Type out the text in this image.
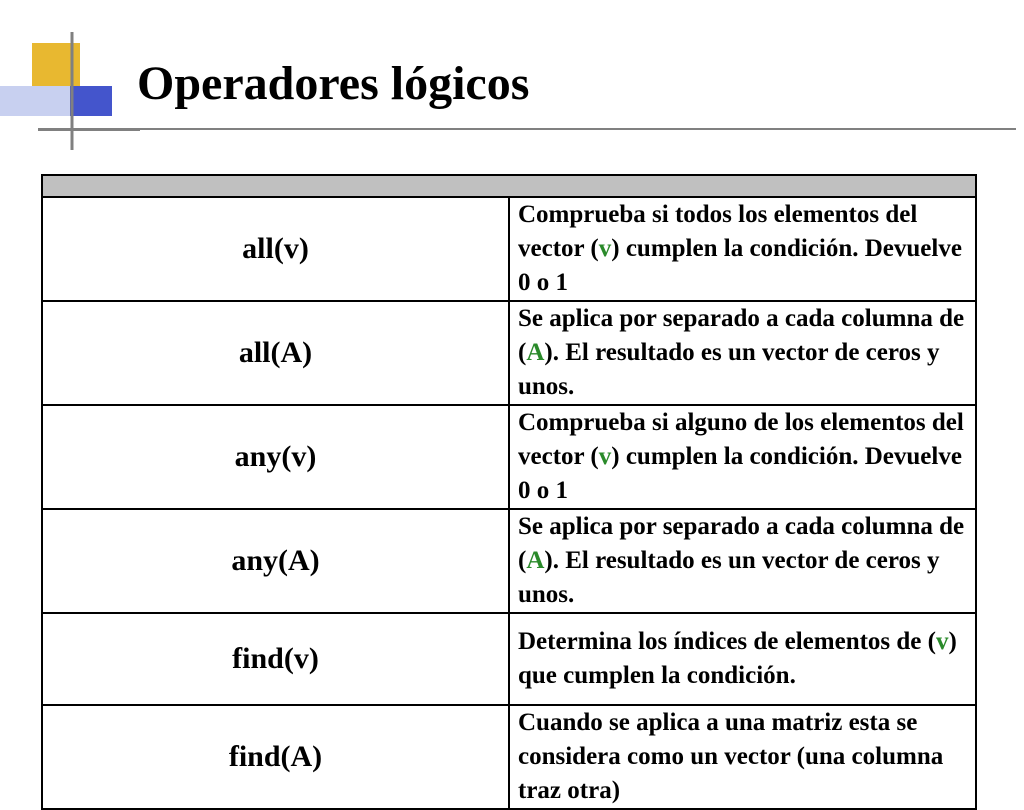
Operadores lógicos

all(v)	Comprueba si todos los elementos del vector (v) cumplen la condición. Devuelve 0 o 1
all(A)	Se aplica por separado a cada columna de (A). El resultado es un vector de ceros y unos.
any(v)	Comprueba si alguno de los elementos del vector (v) cumplen la condición. Devuelve 0 o 1
any(A)	Se aplica por separado a cada columna de (A). El resultado es un vector de ceros y unos.
find(v)	Determina los índices de elementos de (v) que cumplen la condición.
find(A)	Cuando se aplica a una matriz esta se considera como un vector (una columna traz otra)
